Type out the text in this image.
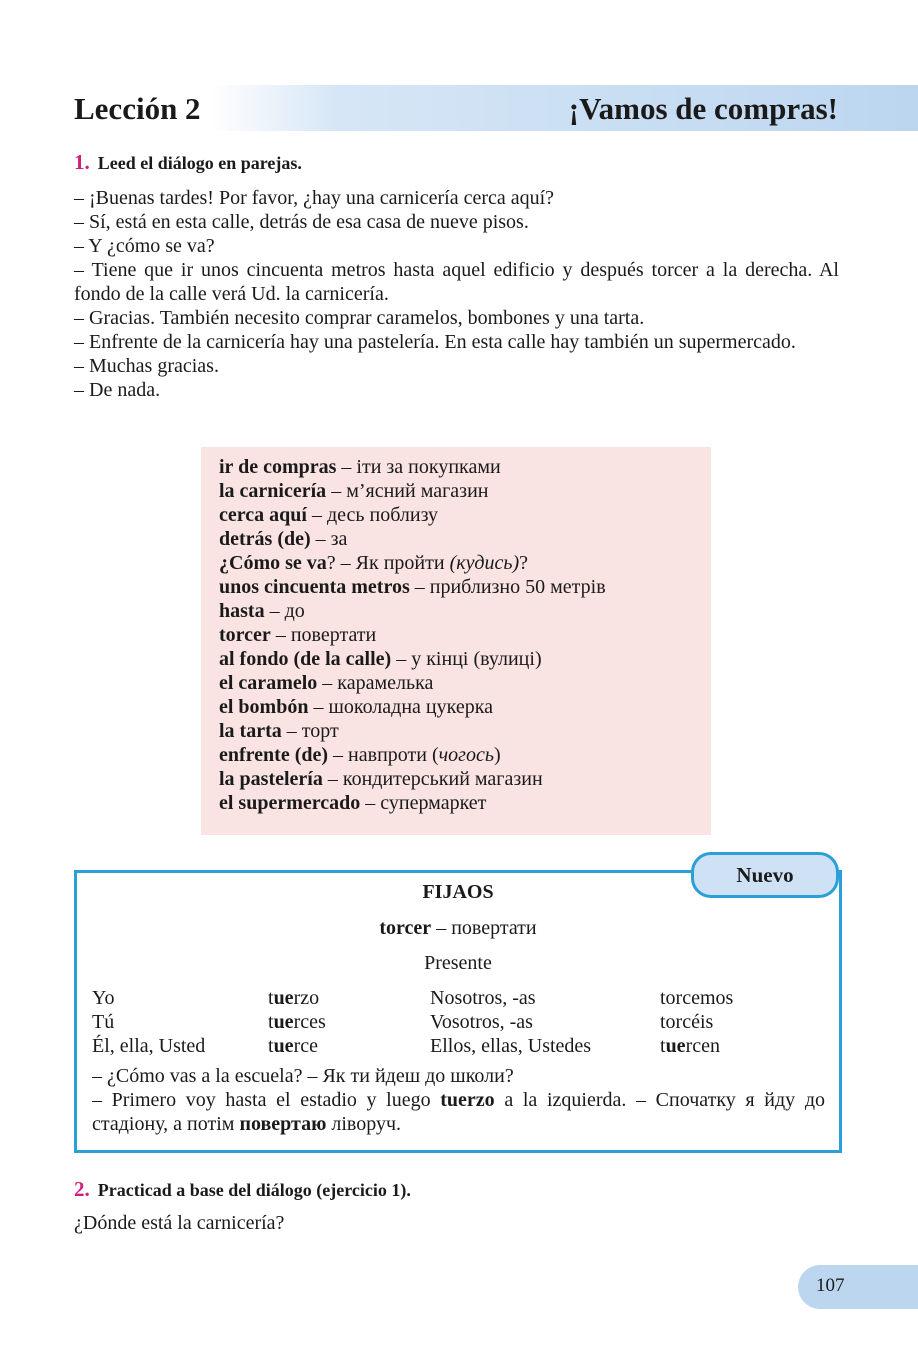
Lección 2	¡Vamos de compras!
1. Leed el diálogo en parejas.

– ¡Buenas tardes! Por favor, ¿hay una carnicería cerca aquí?

– Sí, está en esta calle, detrás de esa casa de nueve pisos.

– Y ¿cómo se va?

– Tiene que ir unos cincuenta metros hasta aquel edificio y después torcer a la derecha. Al fondo de la calle verá Ud. la carnicería.

– Gracias. También necesito comprar caramelos, bombones y una tarta.

– Enfrente de la carnicería hay una pastelería. En esta calle hay también un supermercado.

– Muchas gracias.

– De nada.

ir de compras – іти за покупками
la carnicería – м’ясний магазин
cerca aquí – десь поблизу
detrás (de) – за
¿Cómo se va? – Як пройти (кудись)?
unos cincuenta metros – приблизно 50 метрів
hasta – до
torcer – повертати
al fondo (de la calle) – у кінці (вулиці)
el caramelo – карамелька
el bombón – шоколадна цукерка
la tarta – торт
enfrente (de) – навпроти (чогось)
la pastelería – кондитерський магазин
el supermercado – супермаркет
FIJAOS
torcer – повертати
Presente
Yo	tuerzo	Nosotros, -as	torcemos
Tú	tuerces	Vosotros, -as	torcéis
Él, ella, Usted	tuerce	Ellos, ellas, Ustedes	tuercen

– ¿Cómo vas a la escuela? – Як ти йдеш до школи?

– Primero voy hasta el estadio y luego tuerzo a la izquierda. – Спочатку я йду до стадіону, а потім повертаю ліворуч.

Nuevo
2. Practicad a base del diálogo (ejercicio 1).
¿Dónde está la carnicería?
107
